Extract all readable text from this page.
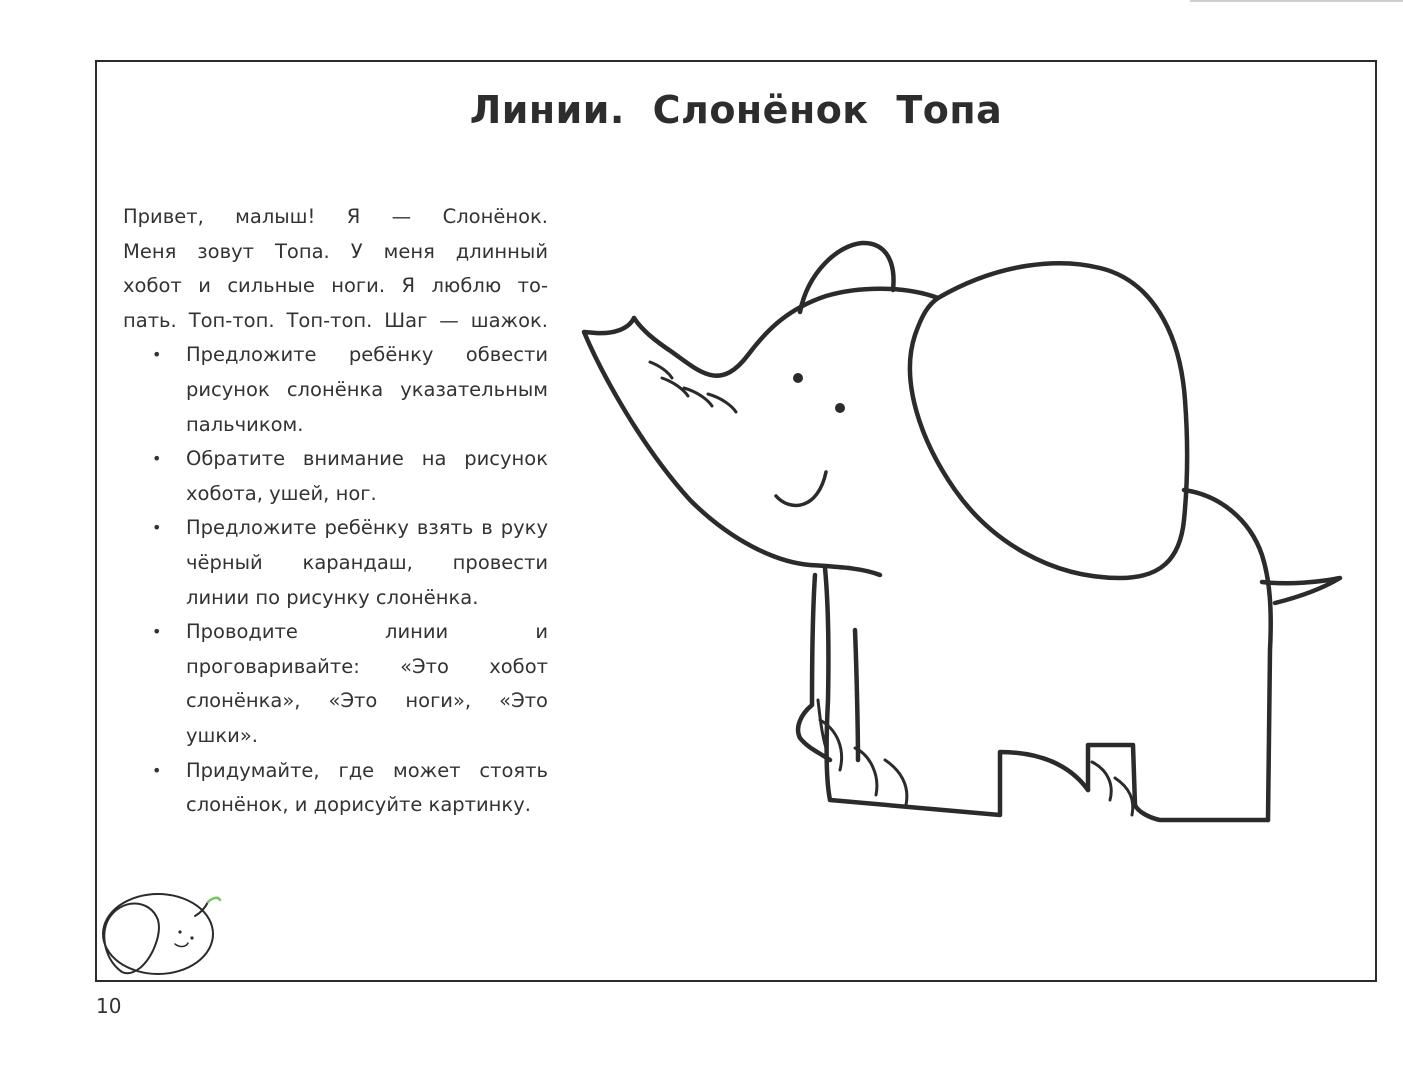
Линии. Слонёнок Топа

Привет, малыш! Я — Слонёнок.
Меня зовут Топа. У меня длинный
хобот и сильные ноги. Я люблю то-
пать. Топ-топ. Топ-топ. Шаг — шажок.

• Предложите ребёнку обвести рисунок слонёнка указательным пальчиком.
• Обратите внимание на рисунок хобота, ушей, ног.
• Предложите ребёнку взять в руку чёрный карандаш, провести линии по рисунку слонёнка.
• Проводите линии и проговаривайте: «Это хобот слонёнка», «Это ноги», «Это ушки».
• Придумайте, где может стоять слонёнок, и дорисуйте картинку.
10
